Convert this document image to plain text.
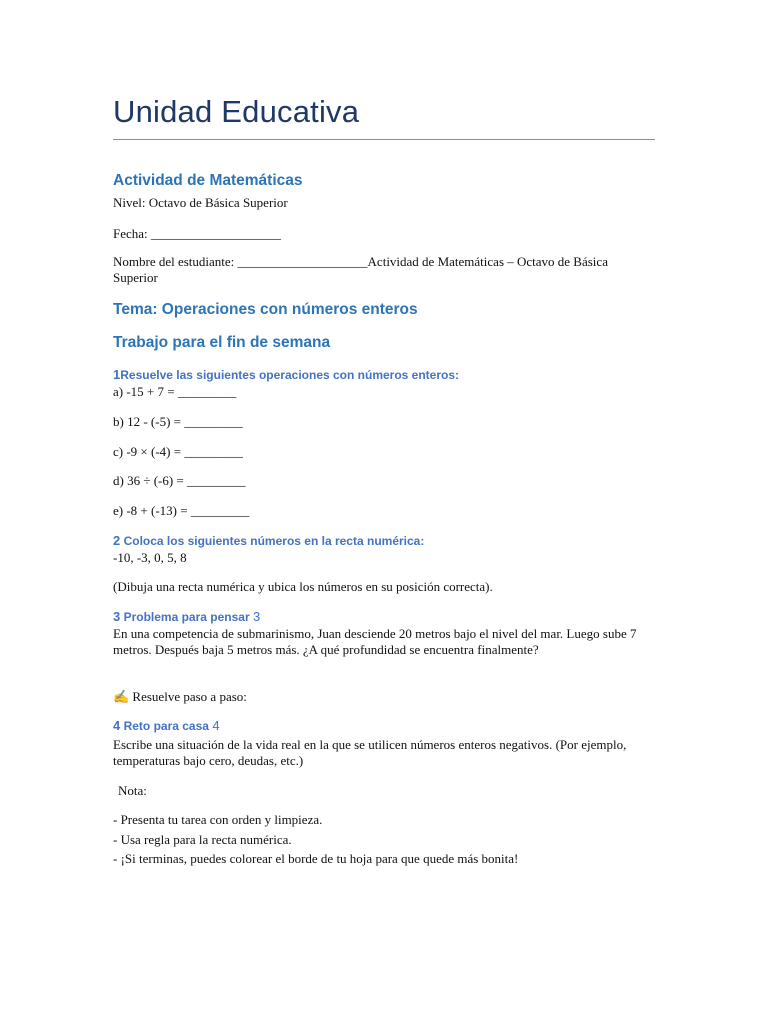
Unidad Educativa
Actividad de Matemáticas
Nivel: Octavo de Básica Superior
Fecha: ____________________
Nombre del estudiante: ____________________Actividad de Matemáticas – Octavo de Básica Superior
Tema: Operaciones con números enteros
Trabajo para el fin de semana
1Resuelve las siguientes operaciones con números enteros:
a) -15 + 7 = _________
b) 12 - (-5) = _________
c) -9 × (-4) = _________
d) 36 ÷ (-6) = _________
e) -8 + (-13) = _________
2 Coloca los siguientes números en la recta numérica:
-10, -3, 0, 5, 8
(Dibuja una recta numérica y ubica los números en su posición correcta).
3 Problema para pensar 3
En una competencia de submarinismo, Juan desciende 20 metros bajo el nivel del mar. Luego sube 7 metros. Después baja 5 metros más. ¿A qué profundidad se encuentra finalmente?
✍ Resuelve paso a paso:
4 Reto para casa 4
Escribe una situación de la vida real en la que se utilicen números enteros negativos. (Por ejemplo, temperaturas bajo cero, deudas, etc.)
Nota:
- Presenta tu tarea con orden y limpieza.
- Usa regla para la recta numérica.
- ¡Si terminas, puedes colorear el borde de tu hoja para que quede más bonita!
